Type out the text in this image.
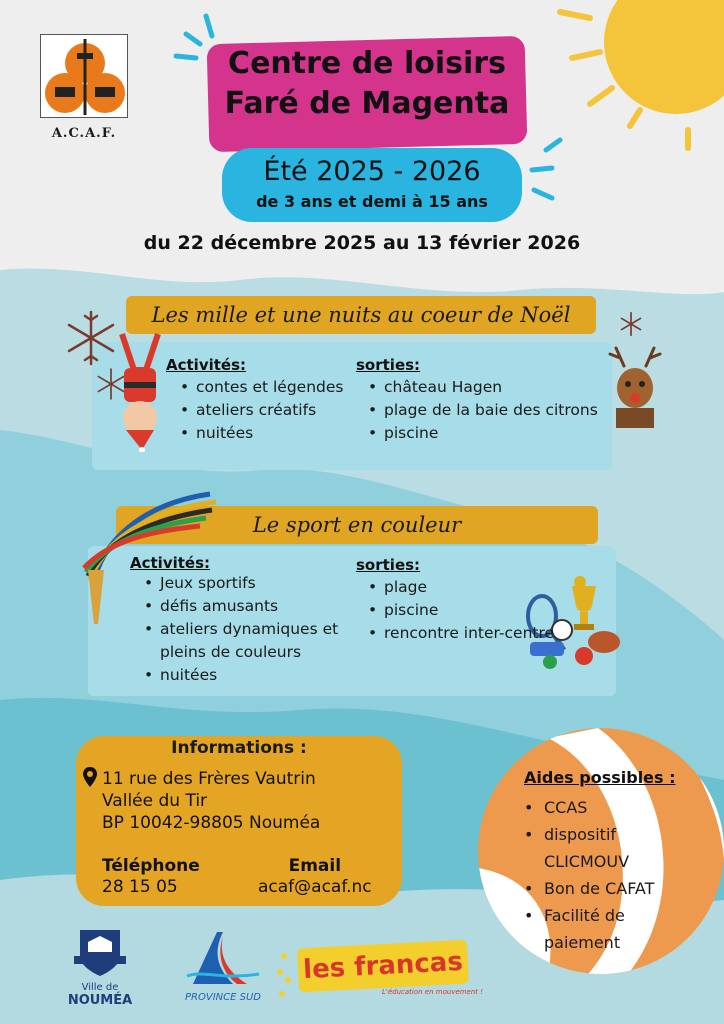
A.C.A.F.
Centre de loisirs
Faré de Magenta
Été 2025 - 2026
de 3 ans et demi à 15 ans
du 22 décembre 2025 au 13 février 2026
Les mille et une nuits au coeur de Noël
Activités:
• contes et légendes
• ateliers créatifs
• nuitées
sorties:
• château Hagen
• plage de la baie des citrons
• piscine
Le sport en couleur
Activités:
• Jeux sportifs
• défis amusants
• ateliers dynamiques et
pleins de couleurs
• nuitées
sorties:
• plage
• piscine
• rencontre inter-centre
Informations :
11 rue des Frères Vautrin
Vallée du Tir
BP 10042-98805 Nouméa
Téléphone
28 15 05
Email
acaf@acaf.nc
Aides possibles :
• CCAS
• dispositif
CLICMOUV
• Bon de CAFAT
• Facilité de
paiement
Ville de
NOUMÉA	PROVINCE SUD
les francas
L'éducation en mouvement !
